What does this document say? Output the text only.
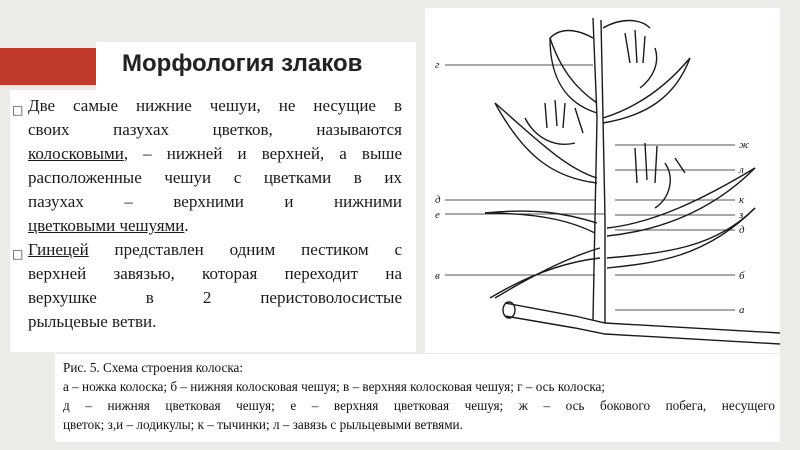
Морфология злаков
□ Две самые нижние чешуи, не несущие в
своих пазухах цветков, называются
колосковыми, – нижней и верхней, а выше
расположенные чешуи с цветками в их
пазухах – верхними и нижними
цветковыми чешуями.
□ Гинецей представлен одним пестиком с
верхней завязью, которая переходит на
верхушке в 2 перистоволосистые
рыльцевые ветви.
г
д
е
в
ж
л
к
з
д
б
а
Рис. 5. Схема строения колоска:
а – ножка колоска; б – нижняя колосковая чешуя; в – верхняя колосковая чешуя; г – ось колоска;
д – нижняя цветковая чешуя; е – верхняя цветковая чешуя; ж – ось бокового побега, несущего
цветок; з,и – лодикулы; к – тычинки; л – завязь с рыльцевыми ветвями.
